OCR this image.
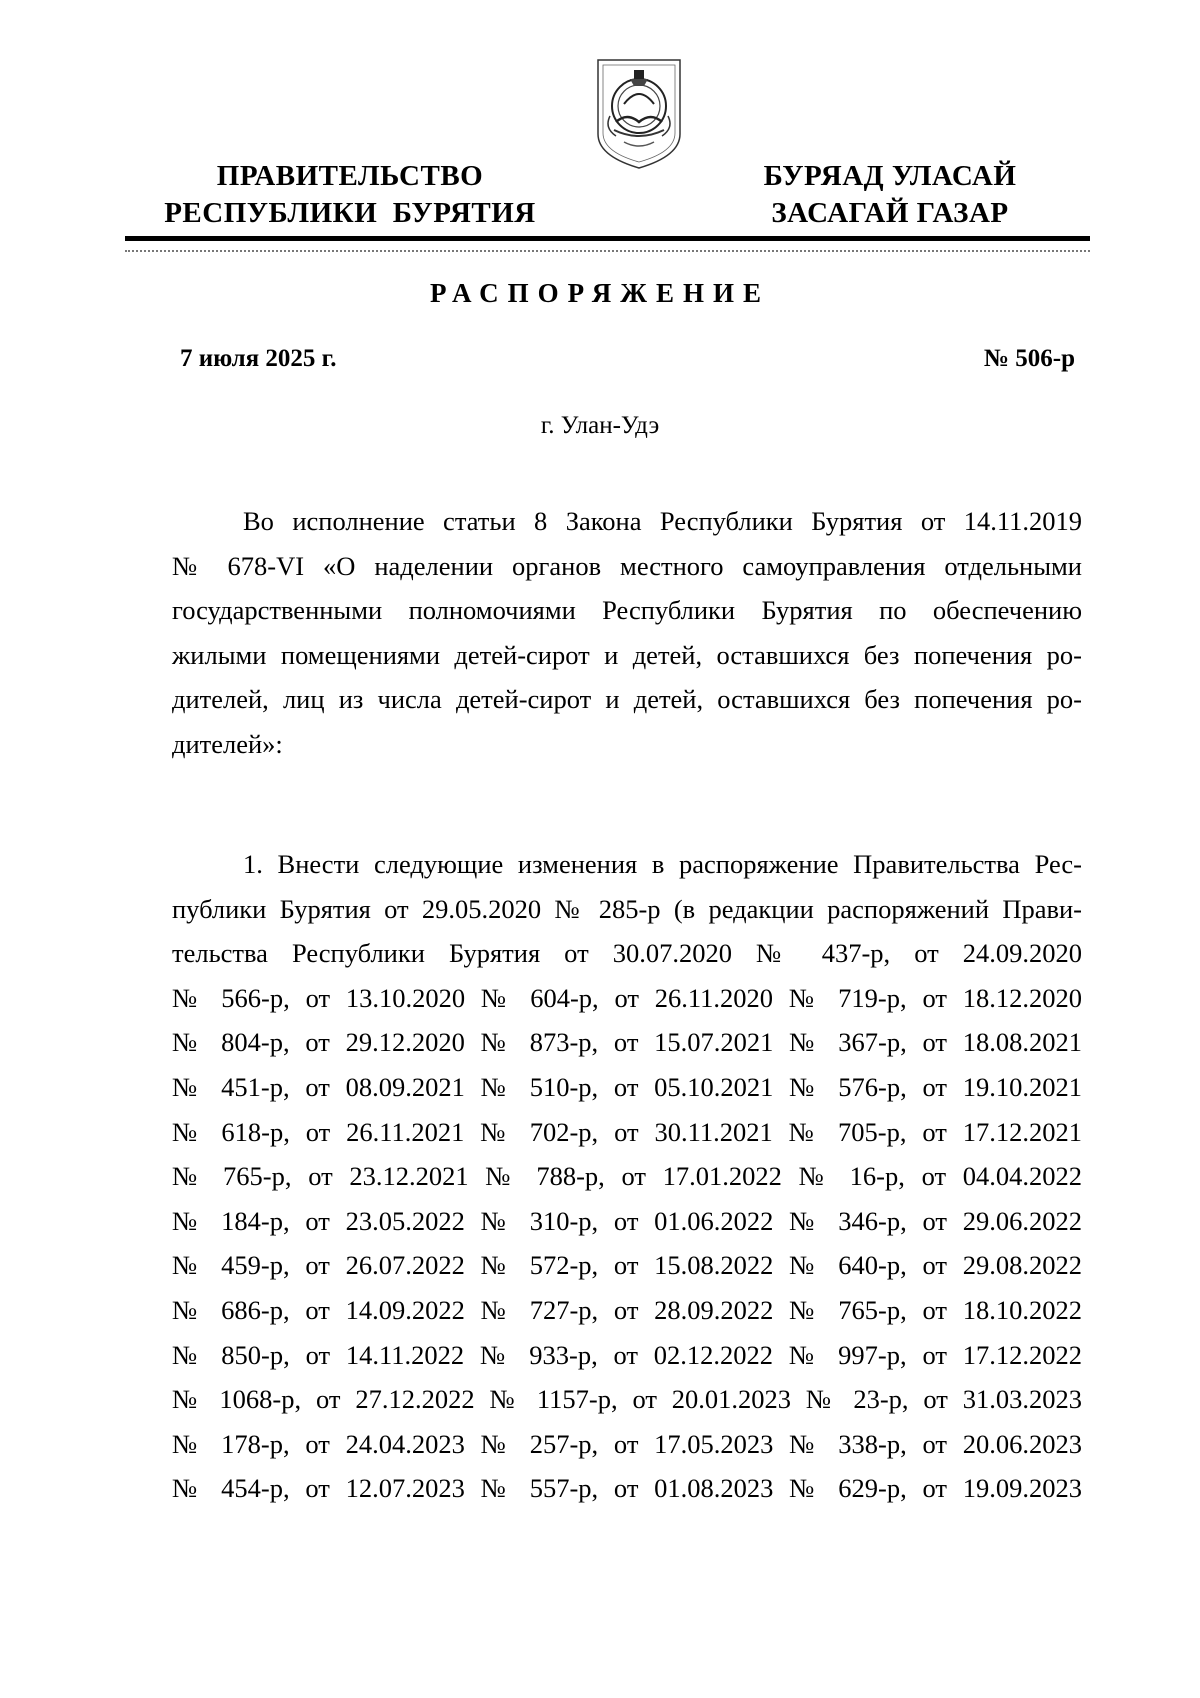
ПРАВИТЕЛЬСТВО
РЕСПУБЛИКИ  БУРЯТИЯ
БУРЯАД УЛАСАЙ
ЗАСАГАЙ ГАЗАР
РАСПОРЯЖЕНИЕ
7 июля 2025 г.	№ 506-р
г. Улан-Удэ
Во исполнение статьи 8 Закона Республики Бурятия от 14.11.2019
№ 678-VI «О наделении органов местного самоуправления отдельными
государственными полномочиями Республики Бурятия по обеспечению
жилыми помещениями детей-сирот и детей, оставшихся без попечения ро-
дителей, лиц из числа детей-сирот и детей, оставшихся без попечения ро-
дителей»:
1. Внести следующие изменения в распоряжение Правительства Рес-
публики Бурятия от 29.05.2020 № 285-р (в редакции распоряжений Прави-
тельства Республики Бурятия от 30.07.2020 № 437-р, от 24.09.2020
№ 566-р, от 13.10.2020 № 604-р, от 26.11.2020 № 719-р, от 18.12.2020
№ 804-р, от 29.12.2020 № 873-р, от 15.07.2021 № 367-р, от 18.08.2021
№ 451-р, от 08.09.2021 № 510-р, от 05.10.2021 № 576-р, от 19.10.2021
№ 618-р, от 26.11.2021 № 702-р, от 30.11.2021 № 705-р, от 17.12.2021
№ 765-р, от 23.12.2021 № 788-р, от 17.01.2022 № 16-р, от 04.04.2022
№ 184-р, от 23.05.2022 № 310-р, от 01.06.2022 № 346-р, от 29.06.2022
№ 459-р, от 26.07.2022 № 572-р, от 15.08.2022 № 640-р, от 29.08.2022
№ 686-р, от 14.09.2022 № 727-р, от 28.09.2022 № 765-р, от 18.10.2022
№ 850-р, от 14.11.2022 № 933-р, от 02.12.2022 № 997-р, от 17.12.2022
№ 1068-р, от 27.12.2022 № 1157-р, от 20.01.2023 № 23-р, от 31.03.2023
№ 178-р, от 24.04.2023 № 257-р, от 17.05.2023 № 338-р, от 20.06.2023
№ 454-р, от 12.07.2023 № 557-р, от 01.08.2023 № 629-р, от 19.09.2023
